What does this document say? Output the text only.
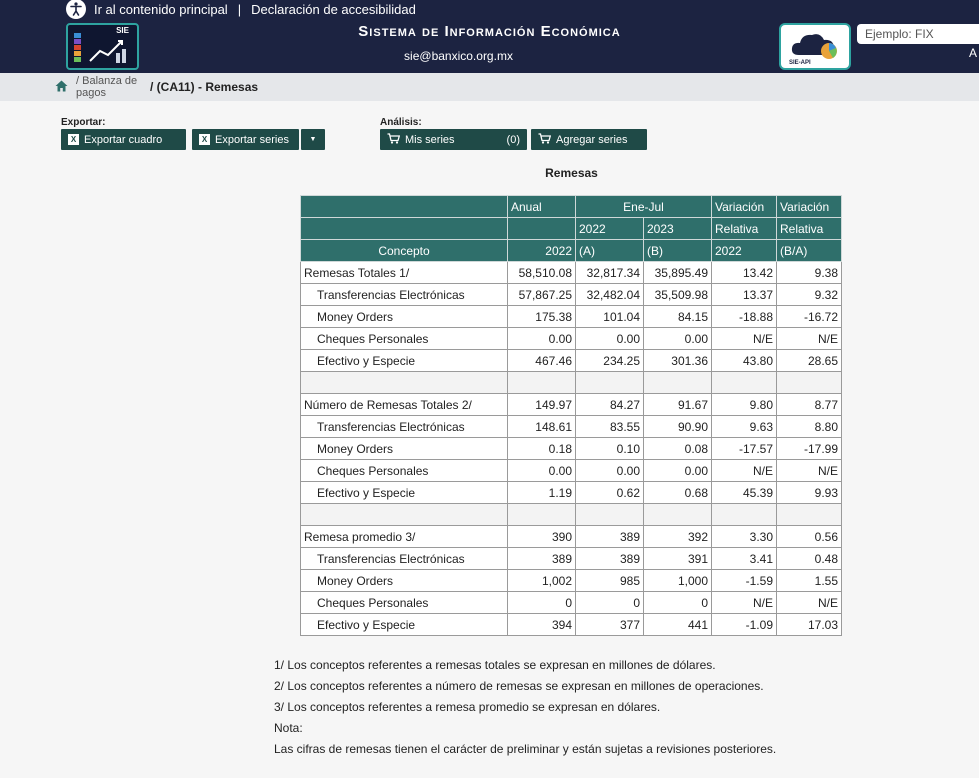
Ir al contenido principal | Declaración de accesibilidad
SIE	Sistema de Información Económica
sie@banxico.org.mx	SIE-API
Ejemplo: FIX
A
/ Balanza de pagos	/ (CA11) - Remesas
Exportar:
X Exportar cuadro	X Exportar series	▼
Análisis:
Mis series	(0)	Agregar series
Remesas
	Anual	Ene-Jul		Variación	Variación
		2022	2023	Relativa	Relativa
Concepto	2022	(A)	(B)	2022	(B/A)
Remesas Totales 1/	58,510.08	32,817.34	35,895.49	13.42	9.38
Transferencias Electrónicas	57,867.25	32,482.04	35,509.98	13.37	9.32
Money Orders	175.38	101.04	84.15	-18.88	-16.72
Cheques Personales	0.00	0.00	0.00	N/E	N/E
Efectivo y Especie	467.46	234.25	301.36	43.80	28.65

Número de Remesas Totales 2/	149.97	84.27	91.67	9.80	8.77
Transferencias Electrónicas	148.61	83.55	90.90	9.63	8.80
Money Orders	0.18	0.10	0.08	-17.57	-17.99
Cheques Personales	0.00	0.00	0.00	N/E	N/E
Efectivo y Especie	1.19	0.62	0.68	45.39	9.93

Remesa promedio 3/	390	389	392	3.30	0.56
Transferencias Electrónicas	389	389	391	3.41	0.48
Money Orders	1,002	985	1,000	-1.59	1.55
Cheques Personales	0	0	0	N/E	N/E
Efectivo y Especie	394	377	441	-1.09	17.03
1/ Los conceptos referentes a remesas totales se expresan en millones de dólares.
2/ Los conceptos referentes a número de remesas se expresan en millones de operaciones.
3/ Los conceptos referentes a remesa promedio se expresan en dólares.
Nota:
Las cifras de remesas tienen el carácter de preliminar y están sujetas a revisiones posteriores.
